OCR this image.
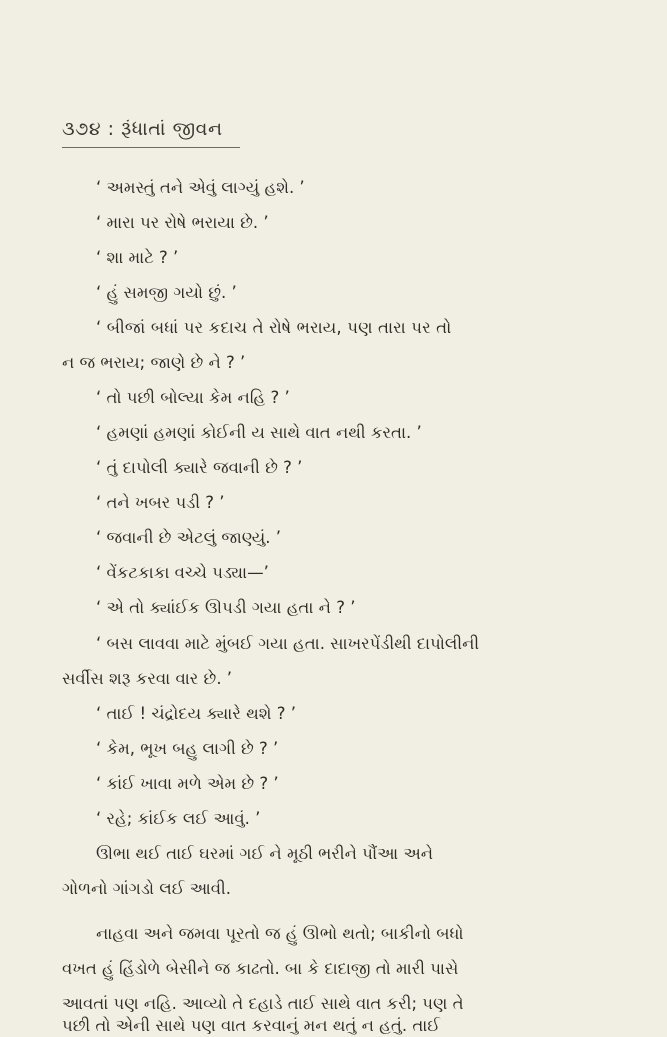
૩૭૪ : રૂંધાતાં જીવન
‘ અમસ્તું તને એવું લાગ્યું હશે. ’
‘ મારા પર રોષે ભરાયા છે. ’
‘ શા માટે ? ’
‘ હું સમજી ગયો છું. ’
‘ બીજાં બધાં પર કદાચ તે રોષે ભરાય, પણ તારા પર તો
ન જ ભરાય; જાણે છે ને ? ’
‘ તો પછી બોલ્યા કેમ નહિ ? ’
‘ હમણાં હમણાં કોઈની ય સાથે વાત નથી કરતા. ’
‘ તું દાપોલી ક્યારે જવાની છે ? ’
‘ તને ખબર પડી ? ’
‘ જવાની છે એટલું જાણ્યું. ’
‘ વેંકટકાકા વચ્ચે પડ્યા—’
‘ એ તો ક્યાંઈક ઊપડી ગયા હતા ને ? ’
‘ બસ લાવવા માટે મુંબઈ ગયા હતા. સાખરપેંડીથી દાપોલીની
સર્વીસ શરૂ કરવા વાર છે. ’
‘ તાઈ ! ચંદ્રોદય ક્યારે થશે ? ’
‘ કેમ, ભૂખ બહુ લાગી છે ? ’
‘ કાંઈ ખાવા મળે એમ છે ? ’
‘ રહે; કાંઈક લઈ આવું. ’
ઊભા થઈ તાઈ ઘરમાં ગઈ ને મૂઠી ભરીને પૌંઆ અને
ગોળનો ગાંગડો લઈ આવી.
નાહવા અને જમવા પૂરતો જ હું ઊભો થતો; બાકીનો બધો
વખત હું હિંડોળે બેસીને જ કાઢતો. બા કે દાદાજી તો મારી પાસે
આવતાં પણ નહિ. આવ્યો તે દહાડે તાઈ સાથે વાત કરી; પણ તે
પછી તો એની સાથે પણ વાત કરવાનું મન થતું ન હતું. તાઈ
